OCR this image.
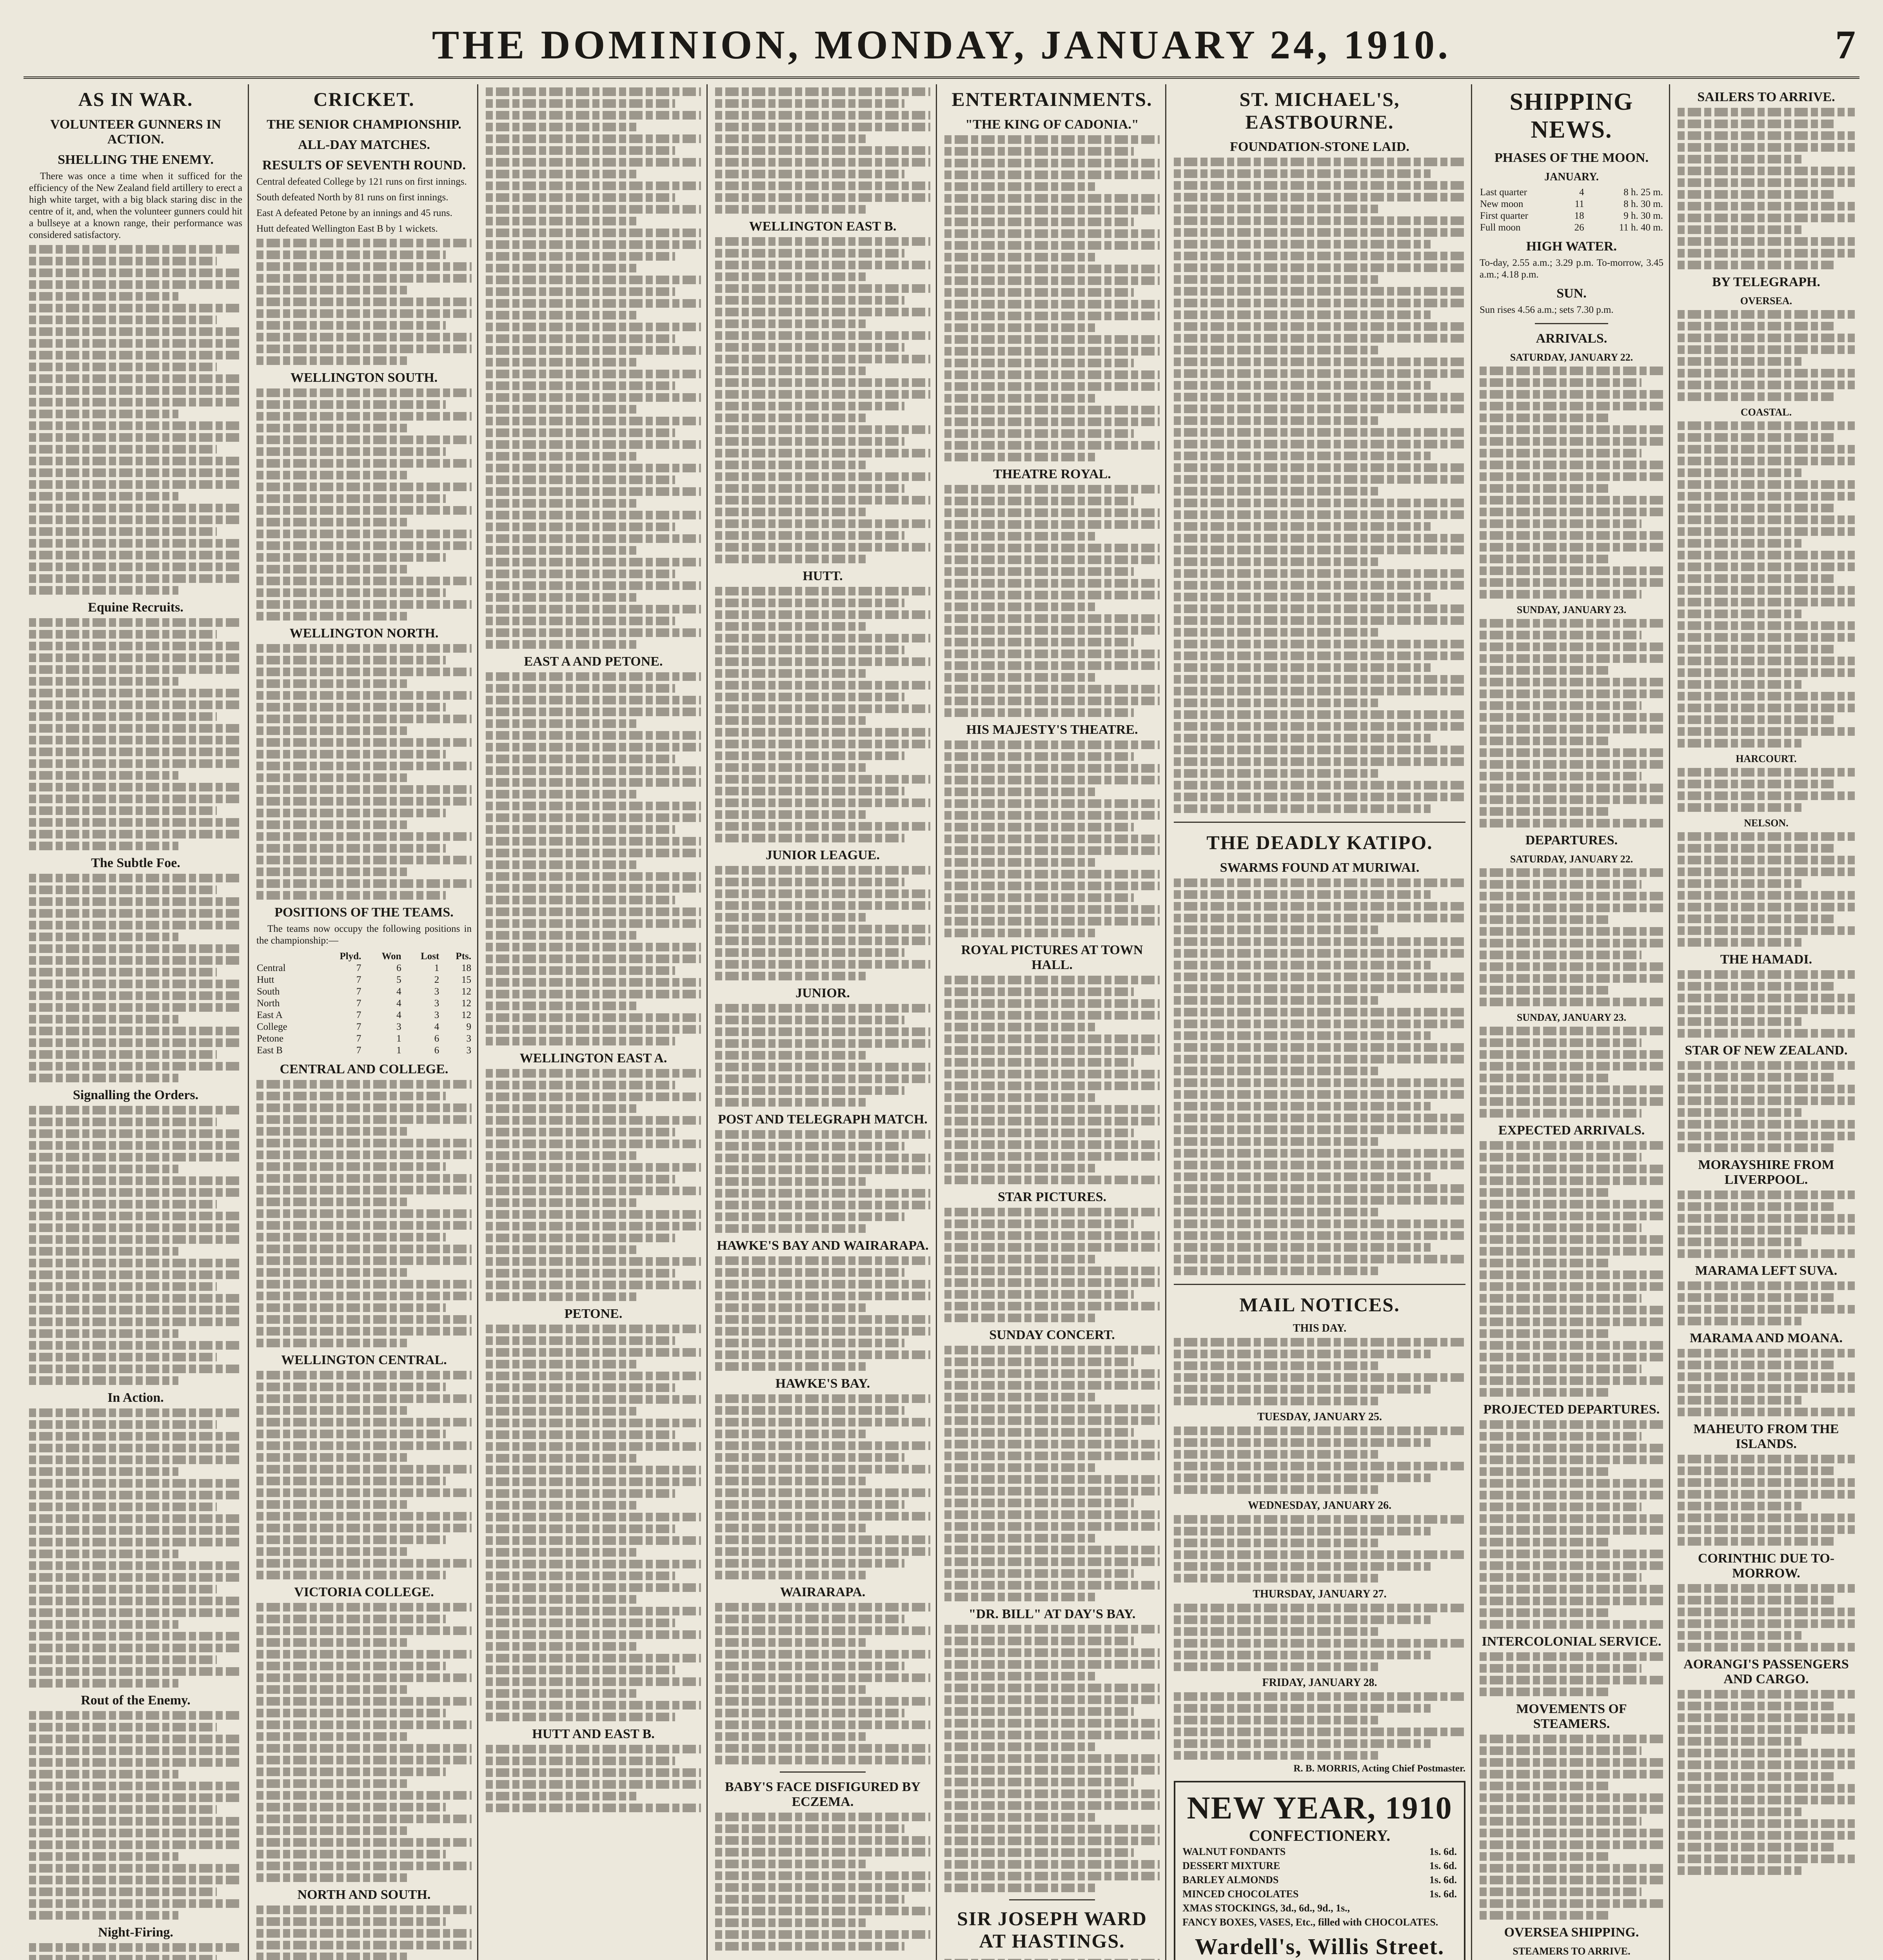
THE DOMINION, MONDAY, JANUARY 24, 1910.	7
AS IN WAR.
VOLUNTEER GUNNERS IN ACTION.
SHELLING THE ENEMY.

There was once a time when it sufficed for the efficiency of the New Zealand field artillery to erect a high white target, with a big black staring disc in the centre of it, and, when the volunteer gunners could hit a bullseye at a known range, their performance was considered satisfactory.

Equine Recruits.
The Subtle Foe.
Signalling the Orders.
In Action.
Rout of the Enemy.
Night-Firing.

CRICKET.
THE SENIOR CHAMPIONSHIP.
ALL-DAY MATCHES.
RESULTS OF SEVENTH ROUND.

Central defeated College by 121 runs on first innings.

South defeated North by 81 runs on first innings.

East A defeated Petone by an innings and 45 runs.

Hutt defeated Wellington East B by 1 wickets.

WELLINGTON SOUTH.
WELLINGTON NORTH.
POSITIONS OF THE TEAMS.

The teams now occupy the following positions in the championship:—

	Plyd.	Won	Lost	Pts.
Central	7	6	1	18
Hutt	7	5	2	15
South	7	4	3	12
North	7	4	3	12
East A	7	4	3	12
College	7	3	4	9
Petone	7	1	6	3
East B	7	1	6	3
CENTRAL AND COLLEGE.
WELLINGTON CENTRAL.
VICTORIA COLLEGE.
NORTH AND SOUTH.
EAST A AND PETONE.
WELLINGTON EAST A.
PETONE.
HUTT AND EAST B.
WELLINGTON EAST B.
HUTT.
JUNIOR LEAGUE.
JUNIOR.
POST AND TELEGRAPH MATCH.
HAWKE'S BAY AND WAIRARAPA.
HAWKE'S BAY.
WAIRARAPA.
BABY'S FACE DISFIGURED BY ECZEMA.
ENTERTAINMENTS.
"THE KING OF CADONIA."
THEATRE ROYAL.
HIS MAJESTY'S THEATRE.
ROYAL PICTURES AT TOWN HALL.
STAR PICTURES.
SUNDAY CONCERT.
"DR. BILL" AT DAY'S BAY.
SIR JOSEPH WARD AT HASTINGS.
ST. MICHAEL'S, EASTBOURNE.
FOUNDATION-STONE LAID.
THE DEADLY KATIPO.
SWARMS FOUND AT MURIWAI.
MAIL NOTICES.
THIS DAY.
TUESDAY, JANUARY 25.
WEDNESDAY, JANUARY 26.
THURSDAY, JANUARY 27.
FRIDAY, JANUARY 28.

R. B. MORRIS, Acting Chief Postmaster.

NEW YEAR, 1910
CONFECTIONERY.
WALNUT FONDANTS	1s. 6d.
DESSERT MIXTURE	1s. 6d.
BARLEY ALMONDS	1s. 6d.
MINCED CHOCOLATES	1s. 6d.
XMAS STOCKINGS, 3d., 6d., 9d., 1s.,
FANCY BOXES, VASES, Etc., filled with CHOCOLATES.
Wardell's, Willis Street.
SHIPPING NEWS.
PHASES OF THE MOON.
JANUARY.
Last quarter	4	8 h. 25 m.
New moon	11	8 h. 30 m.
First quarter	18	9 h. 30 m.
Full moon	26	11 h. 40 m.
HIGH WATER.

To-day, 2.55 a.m.; 3.29 p.m. To-morrow, 3.45 a.m.; 4.18 p.m.

SUN.

Sun rises 4.56 a.m.; sets 7.30 p.m.

ARRIVALS.
SATURDAY, JANUARY 22.
SUNDAY, JANUARY 23.
DEPARTURES.
SATURDAY, JANUARY 22.
SUNDAY, JANUARY 23.
EXPECTED ARRIVALS.
PROJECTED DEPARTURES.
INTERCOLONIAL SERVICE.
MOVEMENTS OF STEAMERS.
OVERSEA SHIPPING.
STEAMERS TO ARRIVE.
SAILERS TO ARRIVE.
BY TELEGRAPH.
OVERSEA.
COASTAL.
HARCOURT.
NELSON.
THE HAMADI.
STAR OF NEW ZEALAND.
MORAYSHIRE FROM LIVERPOOL.
MARAMA LEFT SUVA.
MARAMA AND MOANA.
MAHEUTO FROM THE ISLANDS.
CORINTHIC DUE TO-MORROW.
AORANGI'S PASSENGERS AND CARGO.
